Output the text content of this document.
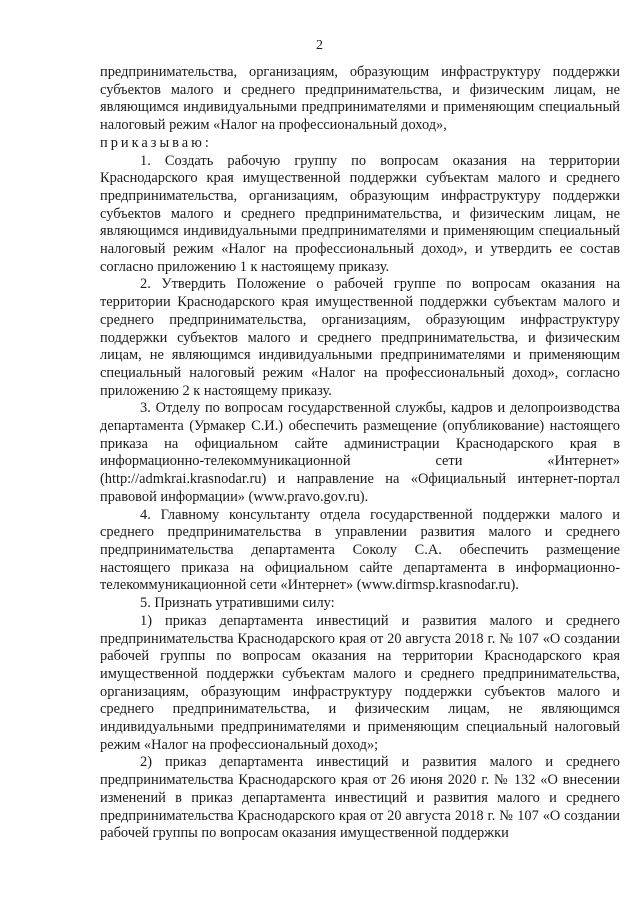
2

предпринимательства, организациям, образующим инфраструктуру поддержки субъектов малого и среднего предпринимательства, и физическим лицам, не являющимся индивидуальными предпринимателями и применяющим специальный налоговый режим «Налог на профессиональный доход»,

приказываю:

1. Создать рабочую группу по вопросам оказания на территории Краснодарского края имущественной поддержки субъектам малого и среднего предпринимательства, организациям, образующим инфраструктуру поддержки субъектов малого и среднего предпринимательства, и физическим лицам, не являющимся индивидуальными предпринимателями и применяющим специальный налоговый режим «Налог на профессиональный доход», и утвердить ее состав согласно приложению 1 к настоящему приказу.

2. Утвердить Положение о рабочей группе по вопросам оказания на территории Краснодарского края имущественной поддержки субъектам малого и среднего предпринимательства, организациям, образующим инфраструктуру поддержки субъектов малого и среднего предпринимательства, и физическим лицам, не являющимся индивидуальными предпринимателями и применяющим специальный налоговый режим «Налог на профессиональный доход», согласно приложению 2 к настоящему приказу.

3. Отделу по вопросам государственной службы, кадров и делопроизводства департамента (Урмакер С.И.) обеспечить размещение (опубликование) настоящего приказа на официальном сайте администрации Краснодарского края в информационно-телекоммуникационной сети «Интернет» (http://admkrai.krasnodar.ru) и направление на «Официальный интернет-портал правовой информации» (www.pravo.gov.ru).

4. Главному консультанту отдела государственной поддержки малого и среднего предпринимательства в управлении развития малого и среднего предпринимательства департамента Соколу С.А. обеспечить размещение настоящего приказа на официальном сайте департамента в информационно-телекоммуникационной сети «Интернет» (www.dirmsp.krasnodar.ru).

5. Признать утратившими силу:

1) приказ департамента инвестиций и развития малого и среднего предпринимательства Краснодарского края от 20 августа 2018 г. № 107 «О создании рабочей группы по вопросам оказания на территории Краснодарского края имущественной поддержки субъектам малого и среднего предпринимательства, организациям, образующим инфраструктуру поддержки субъектов малого и среднего предпринимательства, и физическим лицам, не являющимся индивидуальными предпринимателями и применяющим специальный налоговый режим «Налог на профессиональный доход»;

2) приказ департамента инвестиций и развития малого и среднего предпринимательства Краснодарского края от 26 июня 2020 г. № 132 «О внесении изменений в приказ департамента инвестиций и развития малого и среднего предпринимательства Краснодарского края от 20 августа 2018 г. № 107 «О создании рабочей группы по вопросам оказания имущественной поддержки
